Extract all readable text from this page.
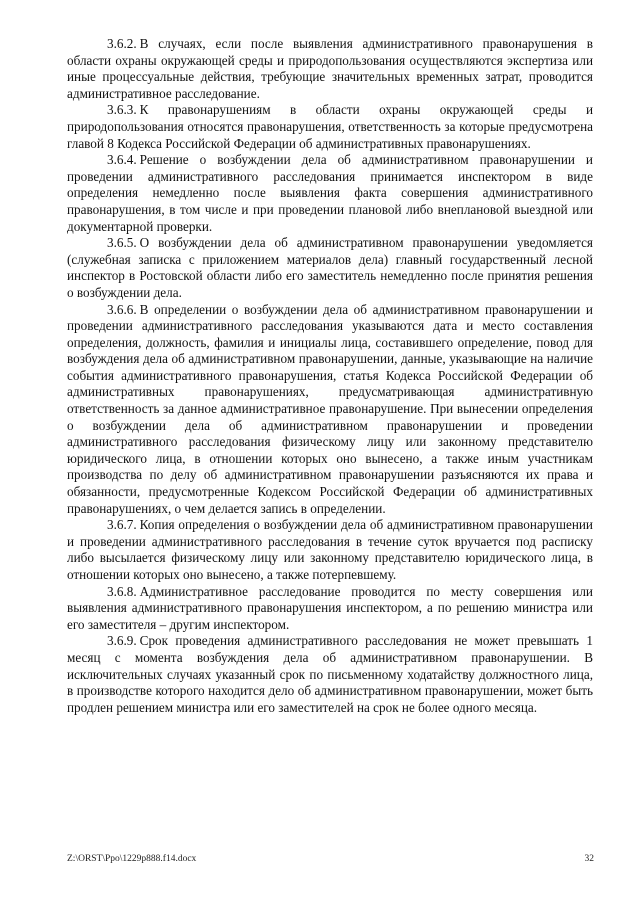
3.6.2. В случаях, если после выявления административного правонарушения в области охраны окружающей среды и природопользования осуществляются экспертиза или иные процессуальные действия, требующие значительных временных затрат, проводится административное расследование.

3.6.3. К правонарушениям в области охраны окружающей среды и природопользования относятся правонарушения, ответственность за которые предусмотрена главой 8 Кодекса Российской Федерации об административных правонарушениях.

3.6.4. Решение о возбуждении дела об административном правонарушении и проведении административного расследования принимается инспектором в виде определения немедленно после выявления факта совершения административного правонарушения, в том числе и при проведении плановой либо внеплановой выездной или документарной проверки.

3.6.5. О возбуждении дела об административном правонарушении уведомляется (служебная записка с приложением материалов дела) главный государственный лесной инспектор в Ростовской области либо его заместитель немедленно после принятия решения о возбуждении дела.

3.6.6. В определении о возбуждении дела об административном правонарушении и проведении административного расследования указываются дата и место составления определения, должность, фамилия и инициалы лица, составившего определение, повод для возбуждения дела об административном правонарушении, данные, указывающие на наличие события административного правонарушения, статья Кодекса Российской Федерации об административных правонарушениях, предусматривающая административную ответственность за данное административное правонарушение. При вынесении определения о возбуждении дела об административном правонарушении и проведении административного расследования физическому лицу или законному представителю юридического лица, в отношении которых оно вынесено, а также иным участникам производства по делу об административном правонарушении разъясняются их права и обязанности, предусмотренные Кодексом Российской Федерации об административных правонарушениях, о чем делается запись в определении.

3.6.7. Копия определения о возбуждении дела об административном правонарушении и проведении административного расследования в течение суток вручается под расписку либо высылается физическому лицу или законному представителю юридического лица, в отношении которых оно вынесено, а также потерпевшему.

3.6.8. Административное расследование проводится по месту совершения или выявления административного правонарушения инспектором, а по решению министра или его заместителя – другим инспектором.

3.6.9. Срок проведения административного расследования не может превышать 1 месяц с момента возбуждения дела об административном правонарушении. В исключительных случаях указанный срок по письменному ходатайству должностного лица, в производстве которого находится дело об административном правонарушении, может быть продлен решением министра или его заместителей на срок не более одного месяца.

Z:\ORST\Ppo\1229p888.f14.docx	32
